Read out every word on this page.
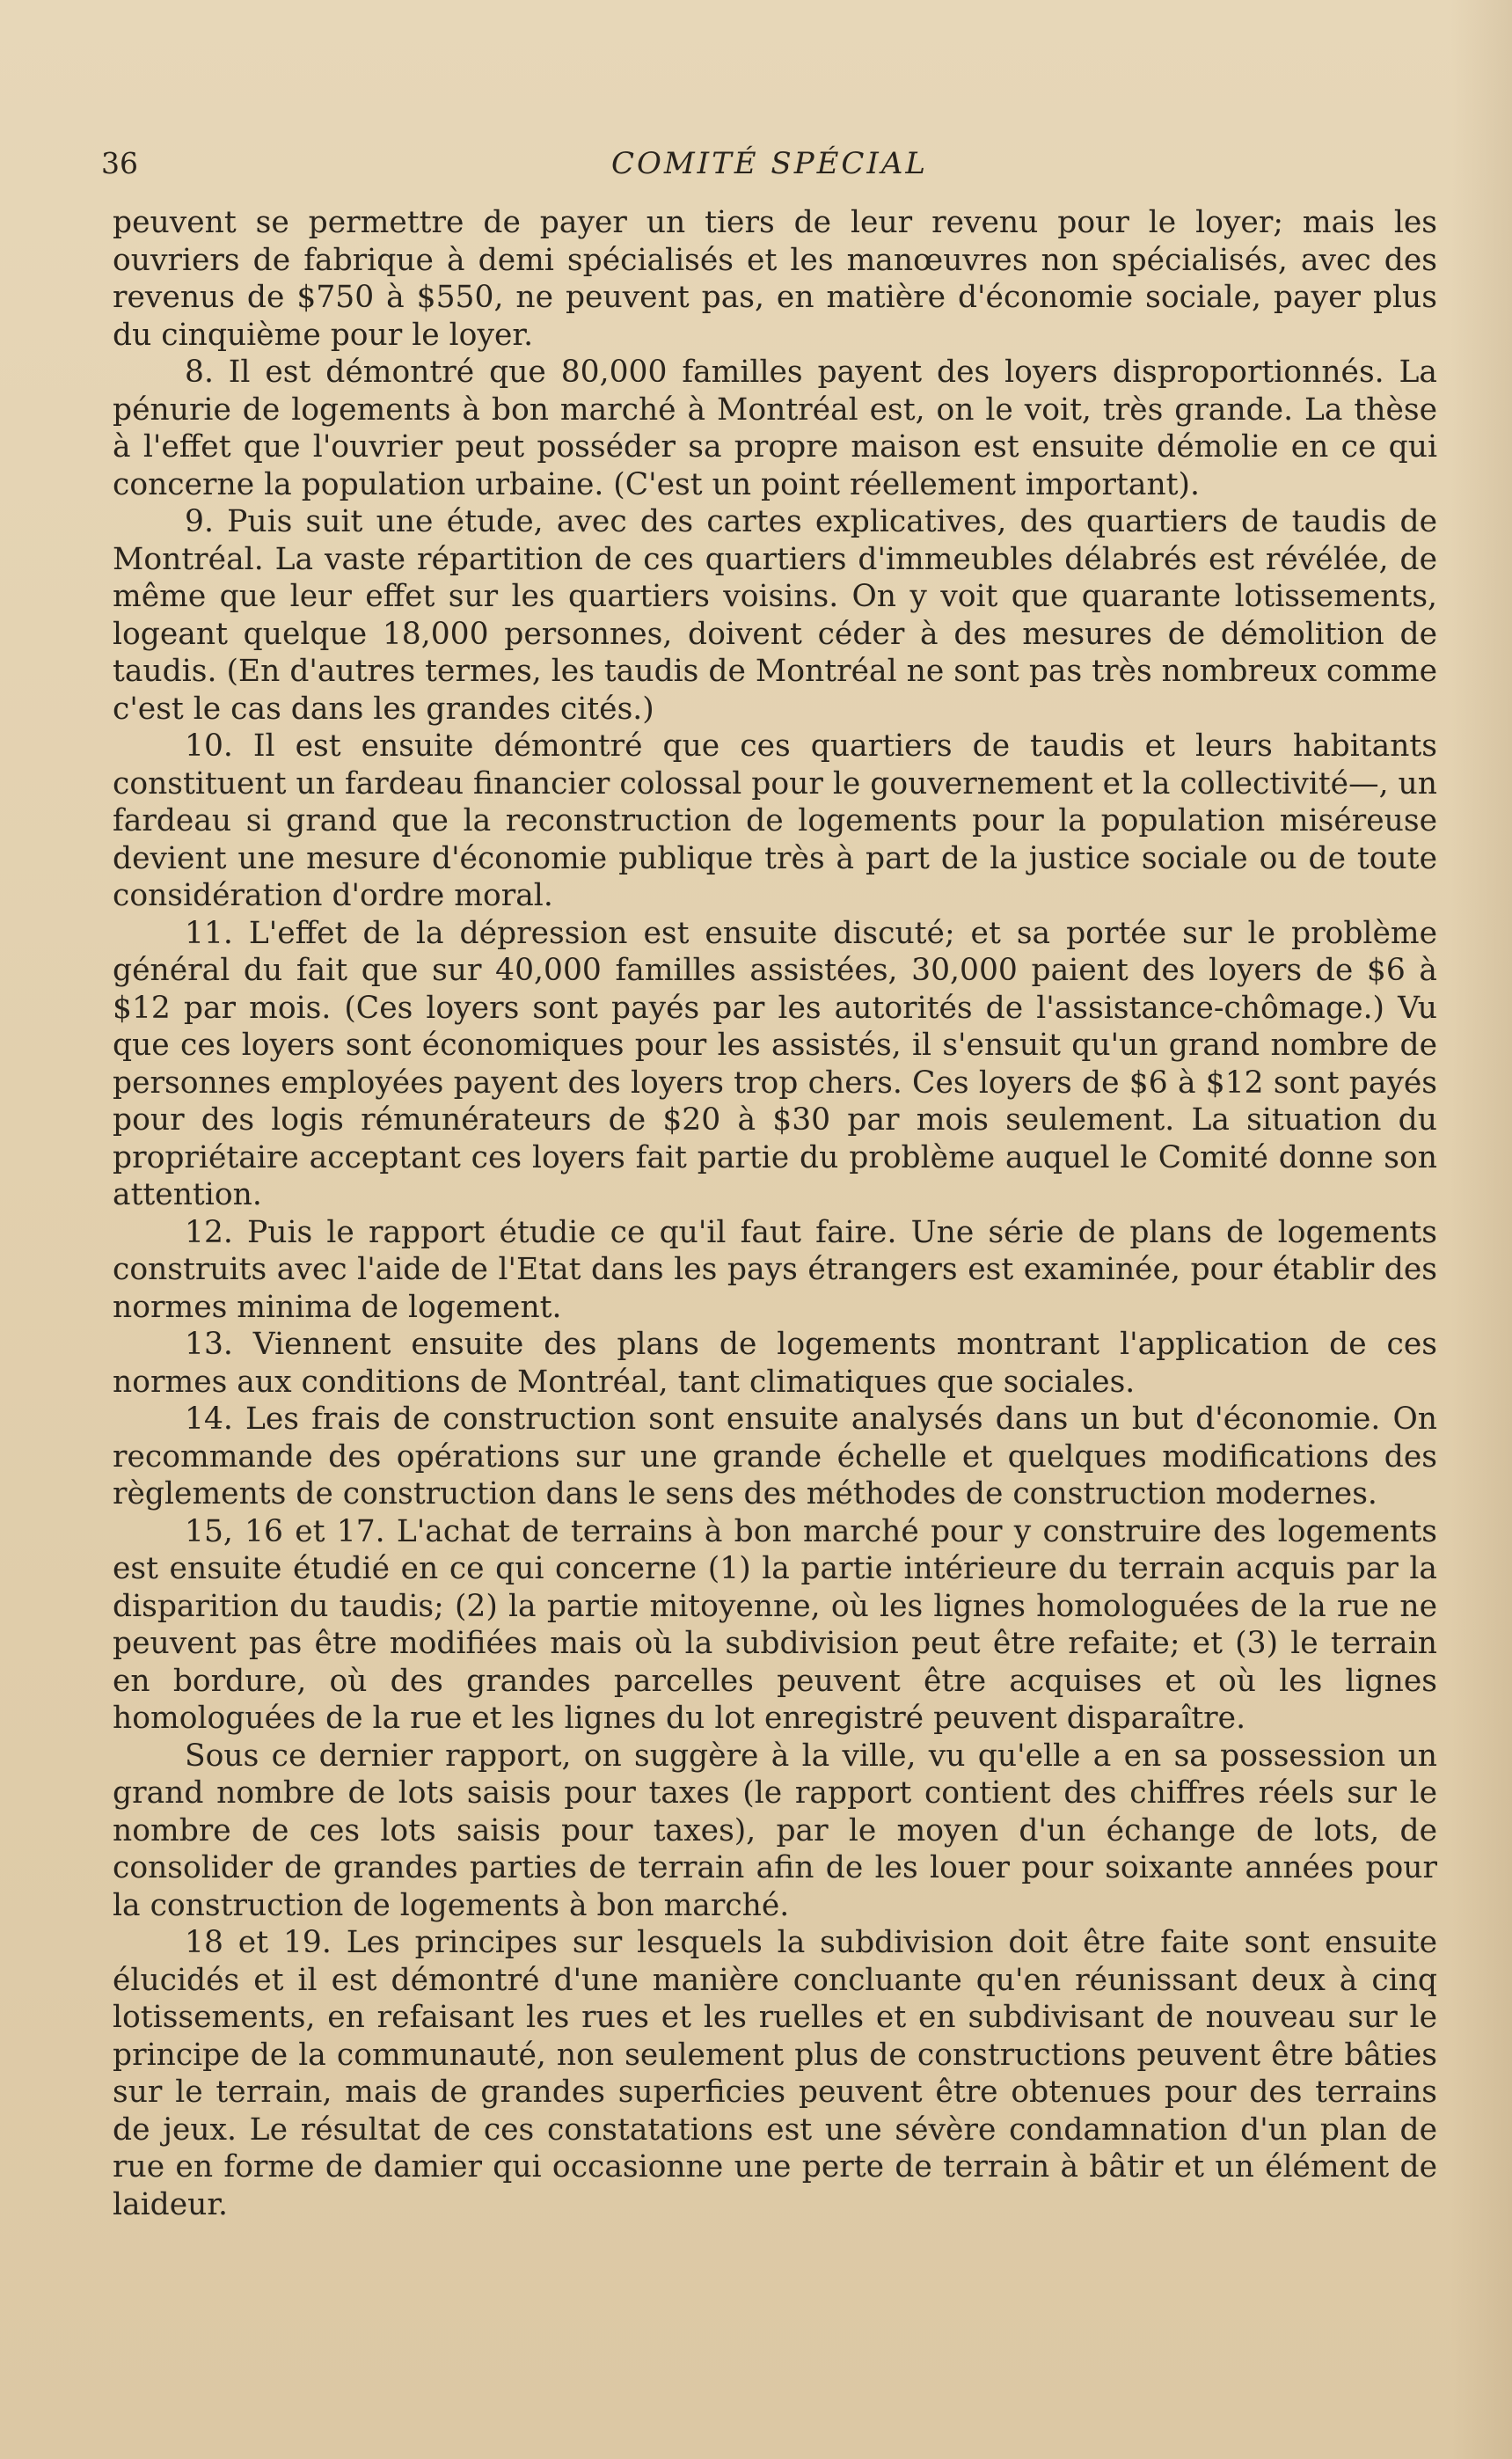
36	COMITÉ SPÉCIAL

peuvent se permettre de payer un tiers de leur revenu pour le loyer; mais les ouvriers de fabrique à demi spécialisés et les manœuvres non spécialisés, avec des revenus de $750 à $550, ne peuvent pas, en matière d'économie sociale, payer plus du cinquième pour le loyer.

8. Il est démontré que 80,000 familles payent des loyers disproportionnés. La pénurie de logements à bon marché à Montréal est, on le voit, très grande. La thèse à l'effet que l'ouvrier peut posséder sa propre maison est ensuite démolie en ce qui concerne la population urbaine. (C'est un point réellement important).

9. Puis suit une étude, avec des cartes explicatives, des quartiers de taudis de Montréal. La vaste répartition de ces quartiers d'immeubles délabrés est révélée, de même que leur effet sur les quartiers voisins. On y voit que quarante lotissements, logeant quelque 18,000 personnes, doivent céder à des mesures de démolition de taudis. (En d'autres termes, les taudis de Montréal ne sont pas très nombreux comme c'est le cas dans les grandes cités.)

10. Il est ensuite démontré que ces quartiers de taudis et leurs habitants constituent un fardeau financier colossal pour le gouvernement et la collectivité—, un fardeau si grand que la reconstruction de logements pour la population miséreuse devient une mesure d'économie publique très à part de la justice sociale ou de toute considération d'ordre moral.

11. L'effet de la dépression est ensuite discuté; et sa portée sur le problème général du fait que sur 40,000 familles assistées, 30,000 paient des loyers de $6 à $12 par mois. (Ces loyers sont payés par les autorités de l'assistance-chômage.) Vu que ces loyers sont économiques pour les assistés, il s'ensuit qu'un grand nombre de personnes employées payent des loyers trop chers. Ces loyers de $6 à $12 sont payés pour des logis rémunérateurs de $20 à $30 par mois seulement. La situation du propriétaire acceptant ces loyers fait partie du problème auquel le Comité donne son attention.

12. Puis le rapport étudie ce qu'il faut faire. Une série de plans de logements construits avec l'aide de l'Etat dans les pays étrangers est examinée, pour établir des normes minima de logement.

13. Viennent ensuite des plans de logements montrant l'application de ces normes aux conditions de Montréal, tant climatiques que sociales.

14. Les frais de construction sont ensuite analysés dans un but d'économie. On recommande des opérations sur une grande échelle et quelques modifications des règlements de construction dans le sens des méthodes de construction modernes.

15, 16 et 17. L'achat de terrains à bon marché pour y construire des logements est ensuite étudié en ce qui concerne (1) la partie intérieure du terrain acquis par la disparition du taudis; (2) la partie mitoyenne, où les lignes homologuées de la rue ne peuvent pas être modifiées mais où la subdivision peut être refaite; et (3) le terrain en bordure, où des grandes parcelles peuvent être acquises et où les lignes homologuées de la rue et les lignes du lot enregistré peuvent disparaître.

Sous ce dernier rapport, on suggère à la ville, vu qu'elle a en sa possession un grand nombre de lots saisis pour taxes (le rapport contient des chiffres réels sur le nombre de ces lots saisis pour taxes), par le moyen d'un échange de lots, de consolider de grandes parties de terrain afin de les louer pour soixante années pour la construction de logements à bon marché.

18 et 19. Les principes sur lesquels la subdivision doit être faite sont ensuite élucidés et il est démontré d'une manière concluante qu'en réunissant deux à cinq lotissements, en refaisant les rues et les ruelles et en subdivisant de nouveau sur le principe de la communauté, non seulement plus de constructions peuvent être bâties sur le terrain, mais de grandes superficies peuvent être obtenues pour des terrains de jeux. Le résultat de ces constatations est une sévère condamnation d'un plan de rue en forme de damier qui occasionne une perte de terrain à bâtir et un élément de laideur.
